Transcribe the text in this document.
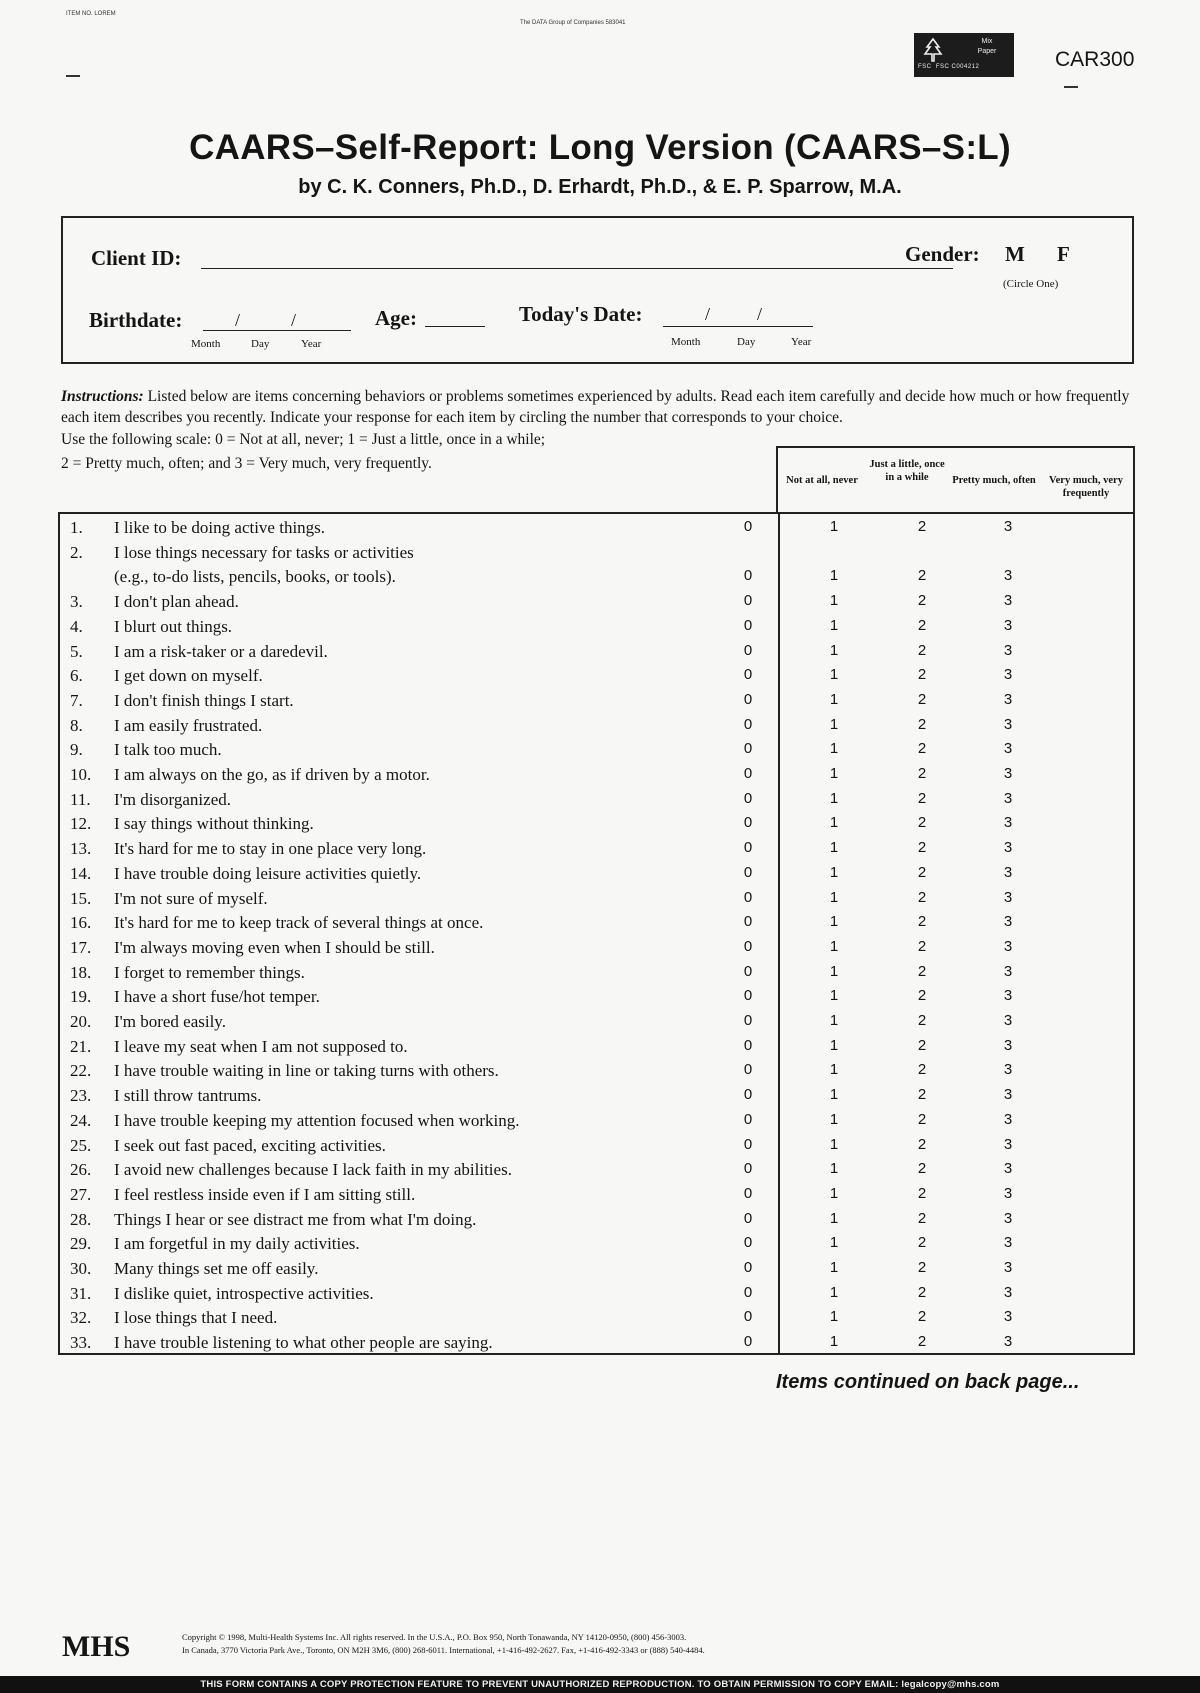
ITEM NO. LOREM
The DATA Group of Companies 583041
Mix
Paper
FSC FSC C004212	CAR300
CAARS–Self-Report: Long Version (CAARS–S:L)
by C. K. Conners, Ph.D., D. Erhardt, Ph.D., & E. P. Sparrow, M.A.
Client ID:	Gender: M F
(Circle One)
Birthdate:	/	/
Month	Day	Year
Age:	Today's Date:	/	/
Month	Day	Year
Instructions: Listed below are items concerning behaviors or problems sometimes experienced by adults. Read each item carefully and decide how much or how frequently each item describes you recently. Indicate your response for each item by circling the number that corresponds to your choice.
Use the following scale: 0 = Not at all, never; 1 = Just a little, once in a while;
Not at all, never
Just a little, once in a while	Pretty much, often	Very much, very frequently
1.	I like to be doing active things.	0	1	2	3
2.	I lose things necessary for tasks or activities
(e.g., to-do lists, pencils, books, or tools).	0	1	2	3
3.	I don't plan ahead.	0	1	2	3
4.	I blurt out things.	0	1	2	3
5.	I am a risk-taker or a daredevil.	0	1	2	3
6.	I get down on myself.	0	1	2	3
7.	I don't finish things I start.	0	1	2	3
8.	I am easily frustrated.	0	1	2	3
9.	I talk too much.	0	1	2	3
10.	I am always on the go, as if driven by a motor.	0	1	2	3
11.	I'm disorganized.	0	1	2	3
12.	I say things without thinking.	0	1	2	3
13.	It's hard for me to stay in one place very long.	0	1	2	3
14.	I have trouble doing leisure activities quietly.	0	1	2	3
15.	I'm not sure of myself.	0	1	2	3
16.	It's hard for me to keep track of several things at once.	0	1	2	3
17.	I'm always moving even when I should be still.	0	1	2	3
18.	I forget to remember things.	0	1	2	3
19.	I have a short fuse/hot temper.	0	1	2	3
20.	I'm bored easily.	0	1	2	3
21.	I leave my seat when I am not supposed to.	0	1	2	3
22.	I have trouble waiting in line or taking turns with others.	0	1	2	3
23.	I still throw tantrums.	0	1	2	3
24.	I have trouble keeping my attention focused when working.	0	1	2	3
25.	I seek out fast paced, exciting activities.	0	1	2	3
26.	I avoid new challenges because I lack faith in my abilities.	0	1	2	3
27.	I feel restless inside even if I am sitting still.	0	1	2	3
28.	Things I hear or see distract me from what I'm doing.	0	1	2	3
29.	I am forgetful in my daily activities.	0	1	2	3
30.	Many things set me off easily.	0	1	2	3
31.	I dislike quiet, introspective activities.	0	1	2	3
32.	I lose things that I need.	0	1	2	3
33.	I have trouble listening to what other people are saying.	0	1	2	3
2 = Pretty much, often; and 3 = Very much, very frequently.
Items continued on back page...
MHS	Copyright © 1998, Multi-Health Systems Inc. All rights reserved. In the U.S.A., P.O. Box 950, North Tonawanda, NY 14120-0950, (800) 456-3003.
In Canada, 3770 Victoria Park Ave., Toronto, ON M2H 3M6, (800) 268-6011. International, +1-416-492-2627. Fax, +1-416-492-3343 or (888) 540-4484.
THIS FORM CONTAINS A COPY PROTECTION FEATURE TO PREVENT UNAUTHORIZED REPRODUCTION. TO OBTAIN PERMISSION TO COPY EMAIL: legalcopy@mhs.com
